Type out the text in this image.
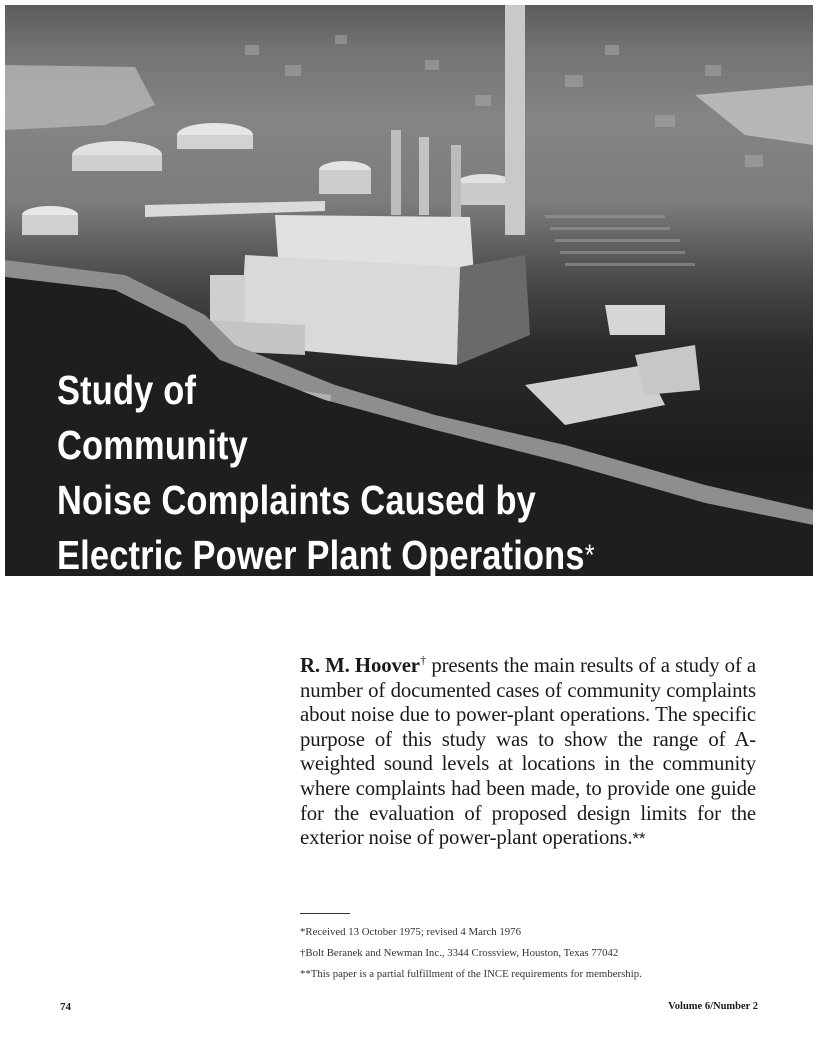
Study of
Community
Noise Complaints Caused by
Electric Power Plant Operations*

R. M. Hoover† presents the main results of a study of a number of documented cases of community complaints about noise due to power-plant operations. The specific purpose of this study was to show the range of A-weighted sound levels at locations in the community where complaints had been made, to provide one guide for the evaluation of proposed design limits for the exterior noise of power-plant operations.**

*Received 13 October 1975; revised 4 March 1976
†Bolt Beranek and Newman Inc., 3344 Crossview, Houston, Texas 77042
**This paper is a partial fulfillment of the INCE requirements for membership.
74	Volume 6/Number 2
